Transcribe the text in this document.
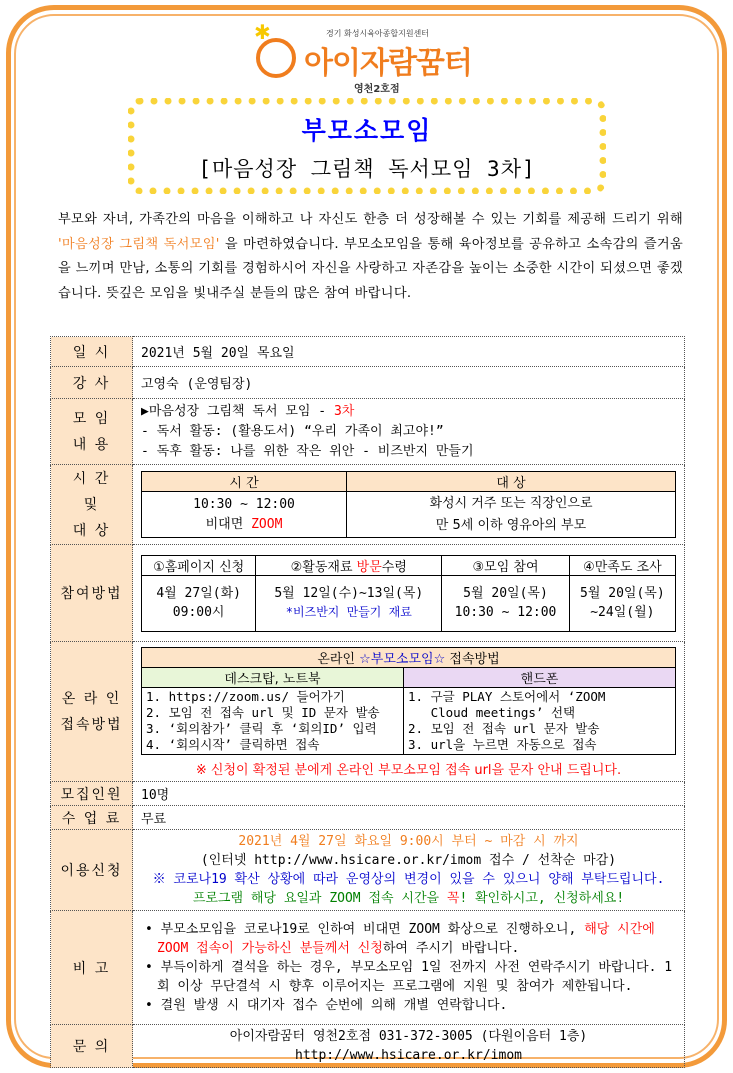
✱	경기 화성시육아종합지원센터
아이자람꿈터
영천2호점
부모소모임
[마음성장 그림책 독서모임 3차]

부모와 자녀, 가족간의 마음을 이해하고 나 자신도 한층 더 성장해볼 수 있는 기회를 제공해 드리기 위해 '마음성장 그림책 독서모임' 을 마련하였습니다. 부모소모임을 통해 육아정보를 공유하고 소속감의 즐거움을 느끼며 만남, 소통의 기회를 경험하시어 자신을 사랑하고 자존감을 높이는 소중한 시간이 되셨으면 좋겠습니다. 뜻깊은 모임을 빛내주실 분들의 많은 참여 바랍니다.

일 시	2021년 5월 20일 목요일
강 사	고영숙 (운영팀장)
모 임
내 용	
▶마음성장 그림책 독서 모임 - 3차
- 독서 활동: (활용도서) “우리 가족이 최고야!”
- 독후 활동: 나를 위한 작은 위안 - 비즈반지 만들기

시 간
및
대 상	
시 간	대 상

10:30 ~ 12:00
비대면 ZOOM

화성시 거주 또는 직장인으로
만 5세 이하 영유아의 부모

참여방법	
①홈페이지 신청	②활동재료 방문수령	③모임 참여	④만족도 조사

4월 27일(화)
09:00시

5월 12일(수)~13일(목)
*비즈반지 만들기 재료

5월 20일(목)
10:30 ~ 12:00

5월 20일(목)
~24일(월)

온 라 인
접속방법	
온라인 ☆부모소모임☆ 접속방법
데스크탑, 노트북	핸드폰

1. https://zoom.us/ 들어가기
2. 모임 전 접속 url 및 ID 문자 발송
3. ‘회의참가’ 클릭 후 ‘회의ID’ 입력
4. ‘회의시작’ 클릭하면 접속

1. 구글 PLAY 스토어에서 ‘ZOOM
Cloud meetings’ 선택
2. 모임 전 접속 url 문자 발송
3. url을 누르면 자동으로 접속
※ 신청이 확정된 분에게 온라인 부모소모임 접속 url을 문자 안내 드립니다.

모집인원	10명
수 업 료	무료
이용신청	
2021년 4월 27일 화요일 9:00시 부터 ~ 마감 시 까지
(인터넷 http://www.hsicare.or.kr/imom 접수 / 선착순 마감)
※ 코로나19 확산 상황에 따라 운영상의 변경이 있을 수 있으니 양해 부탁드립니다.
프로그램 해당 요일과 ZOOM 접속 시간을 꼭! 확인하시고, 신청하세요!

비 고	
• 부모소모임을 코로나19로 인하여 비대면 ZOOM 화상으로 진행하오니, 해당 시간에 ZOOM 접속이 가능하신 분들께서 신청하여 주시기 바랍니다.
• 부득이하게 결석을 하는 경우, 부모소모임 1일 전까지 사전 연락주시기 바랍니다. 1회 이상 무단결석 시 향후 이루어지는 프로그램에 지원 및 참여가 제한됩니다.
• 결원 발생 시 대기자 접수 순번에 의해 개별 연락합니다.

문 의	
아이자람꿈터 영천2호점 031-372-3005 (다원이음터 1층)
http://www.hsicare.or.kr/imom
